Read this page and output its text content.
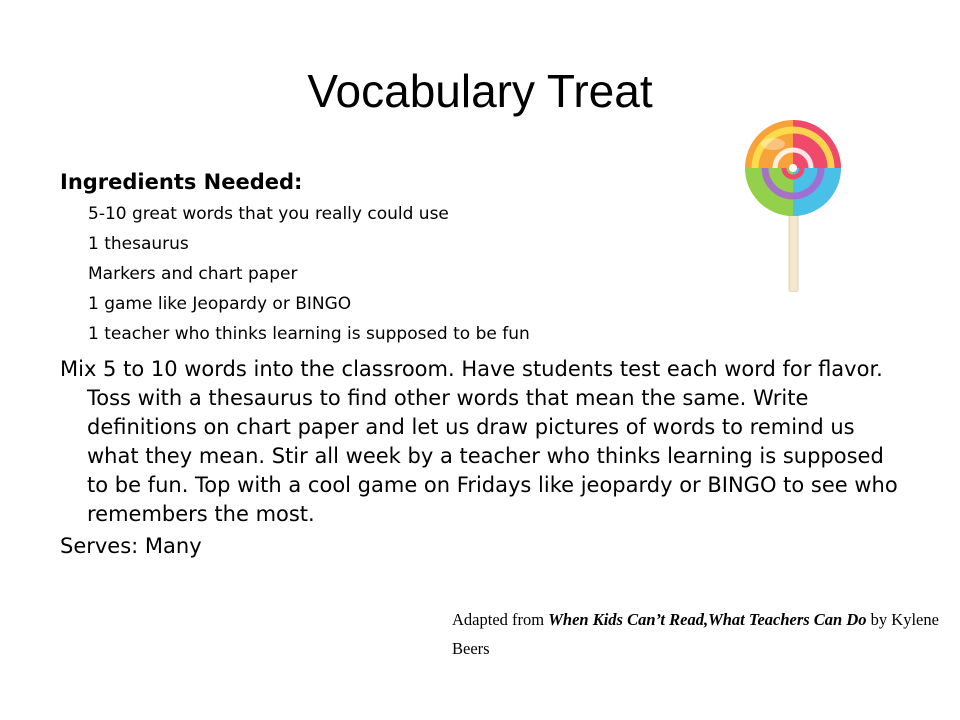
Vocabulary Treat

Ingredients Needed:

5-10 great words that you really could use
1 thesaurus
Markers and chart paper
1 game like Jeopardy or BINGO
1 teacher who thinks learning is supposed to be fun

Mix 5 to 10 words into the classroom. Have students test each word for flavor. Toss with a thesaurus to find other words that mean the same. Write definitions on chart paper and let us draw pictures of words to remind us what they mean. Stir all week by a teacher who thinks learning is supposed to be fun. Top with a cool game on Fridays like jeopardy or BINGO to see who remembers the most.

Serves: Many

Adapted from When Kids Can’t Read,What Teachers Can Do by Kylene Beers
